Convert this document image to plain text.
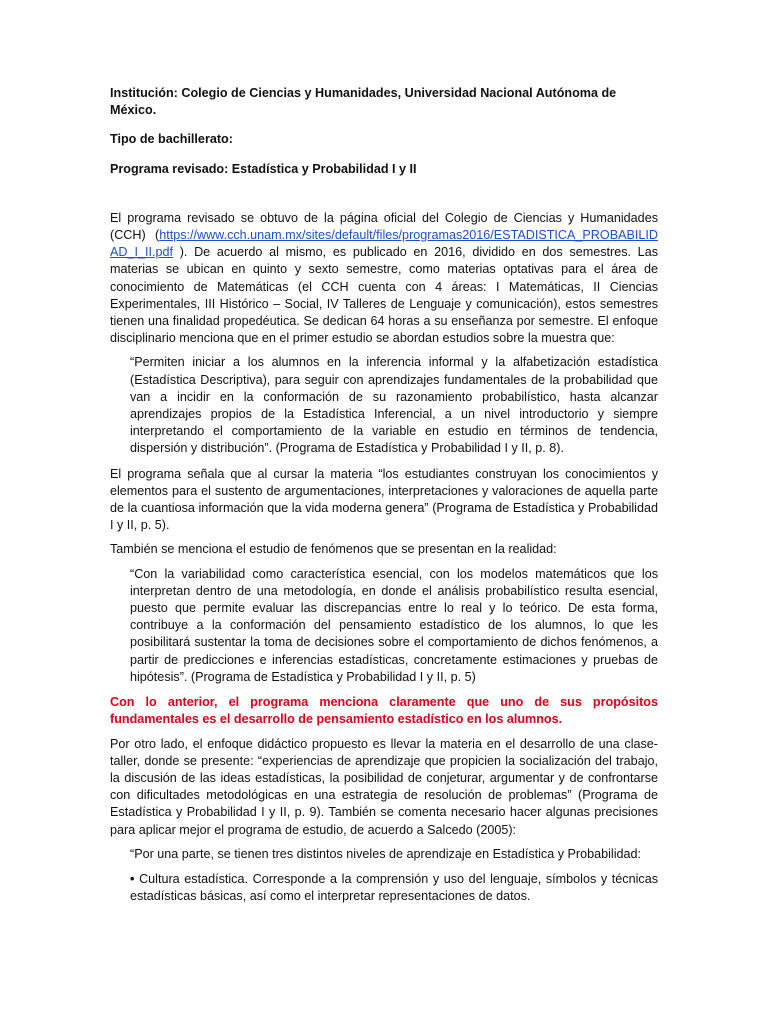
Institución: Colegio de Ciencias y Humanidades, Universidad Nacional Autónoma de México.

Tipo de bachillerato:

Programa revisado: Estadística y Probabilidad I y II

El programa revisado se obtuvo de la página oficial del Colegio de Ciencias y Humanidades (CCH) (https://www.cch.unam.mx/sites/default/files/programas2016/ESTADISTICA_PROBABILIDAD_I_II.pdf ). De acuerdo al mismo, es publicado en 2016, dividido en dos semestres. Las materias se ubican en quinto y sexto semestre, como materias optativas para el área de conocimiento de Matemáticas (el CCH cuenta con 4 áreas: I Matemáticas, II Ciencias Experimentales, III Histórico – Social, IV Talleres de Lenguaje y comunicación), estos semestres tienen una finalidad propedéutica. Se dedican 64 horas a su enseñanza por semestre. El enfoque disciplinario menciona que en el primer estudio se abordan estudios sobre la muestra que:

“Permiten iniciar a los alumnos en la inferencia informal y la alfabetización estadística (Estadística Descriptiva), para seguir con aprendizajes fundamentales de la probabilidad que van a incidir en la conformación de su razonamiento probabilístico, hasta alcanzar aprendizajes propios de la Estadística Inferencial, a un nivel introductorio y siempre interpretando el comportamiento de la variable en estudio en términos de tendencia, dispersión y distribución”. (Programa de Estadística y Probabilidad I y II, p. 8).

El programa señala que al cursar la materia “los estudiantes construyan los conocimientos y elementos para el sustento de argumentaciones, interpretaciones y valoraciones de aquella parte de la cuantiosa información que la vida moderna genera” (Programa de Estadística y Probabilidad I y II, p. 5).

También se menciona el estudio de fenómenos que se presentan en la realidad:

“Con la variabilidad como característica esencial, con los modelos matemáticos que los interpretan dentro de una metodología, en donde el análisis probabilístico resulta esencial, puesto que permite evaluar las discrepancias entre lo real y lo teórico. De esta forma, contribuye a la conformación del pensamiento estadístico de los alumnos, lo que les posibilitará sustentar la toma de decisiones sobre el comportamiento de dichos fenómenos, a partir de predicciones e inferencias estadísticas, concretamente estimaciones y pruebas de hipótesis”. (Programa de Estadística y Probabilidad I y II, p. 5)

Con lo anterior, el programa menciona claramente que uno de sus propósitos fundamentales es el desarrollo de pensamiento estadístico en los alumnos.

Por otro lado, el enfoque didáctico propuesto es llevar la materia en el desarrollo de una clase-taller, donde se presente: “experiencias de aprendizaje que propicien la socialización del trabajo, la discusión de las ideas estadísticas, la posibilidad de conjeturar, argumentar y de confrontarse con dificultades metodológicas en una estrategia de resolución de problemas” (Programa de Estadística y Probabilidad I y II, p. 9). También se comenta necesario hacer algunas precisiones para aplicar mejor el programa de estudio, de acuerdo a Salcedo (2005):

“Por una parte, se tienen tres distintos niveles de aprendizaje en Estadística y Probabilidad:

• Cultura estadística. Corresponde a la comprensión y uso del lenguaje, símbolos y técnicas estadísticas básicas, así como el interpretar representaciones de datos.
